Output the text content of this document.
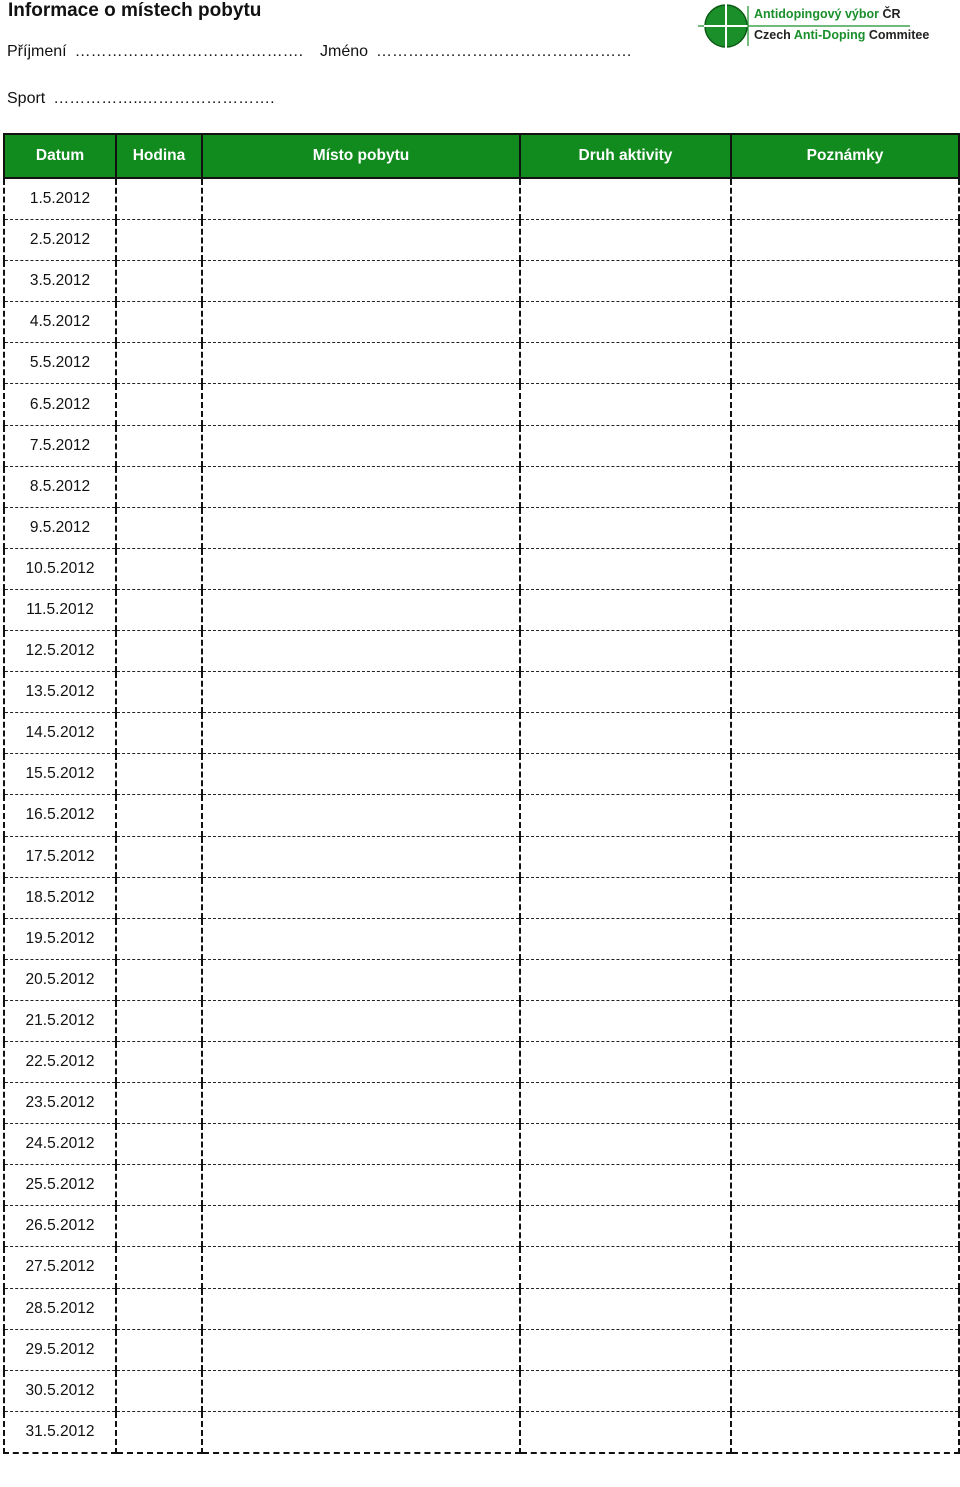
Informace o místech pobytu
Příjmení ……………………………………. Jméno …………………………………………
Sport ……………..…………………….
Antidopingový výbor ČR
Czech Anti-Doping Commitee
Datum	Hodina	Místo pobytu	Druh aktivity	Poznámky
1.5.2012				
2.5.2012				
3.5.2012				
4.5.2012				
5.5.2012				
6.5.2012				
7.5.2012				
8.5.2012				
9.5.2012				
10.5.2012				
11.5.2012				
12.5.2012				
13.5.2012				
14.5.2012				
15.5.2012				
16.5.2012				
17.5.2012				
18.5.2012				
19.5.2012				
20.5.2012				
21.5.2012				
22.5.2012				
23.5.2012				
24.5.2012				
25.5.2012				
26.5.2012				
27.5.2012				
28.5.2012				
29.5.2012				
30.5.2012				
31.5.2012				
